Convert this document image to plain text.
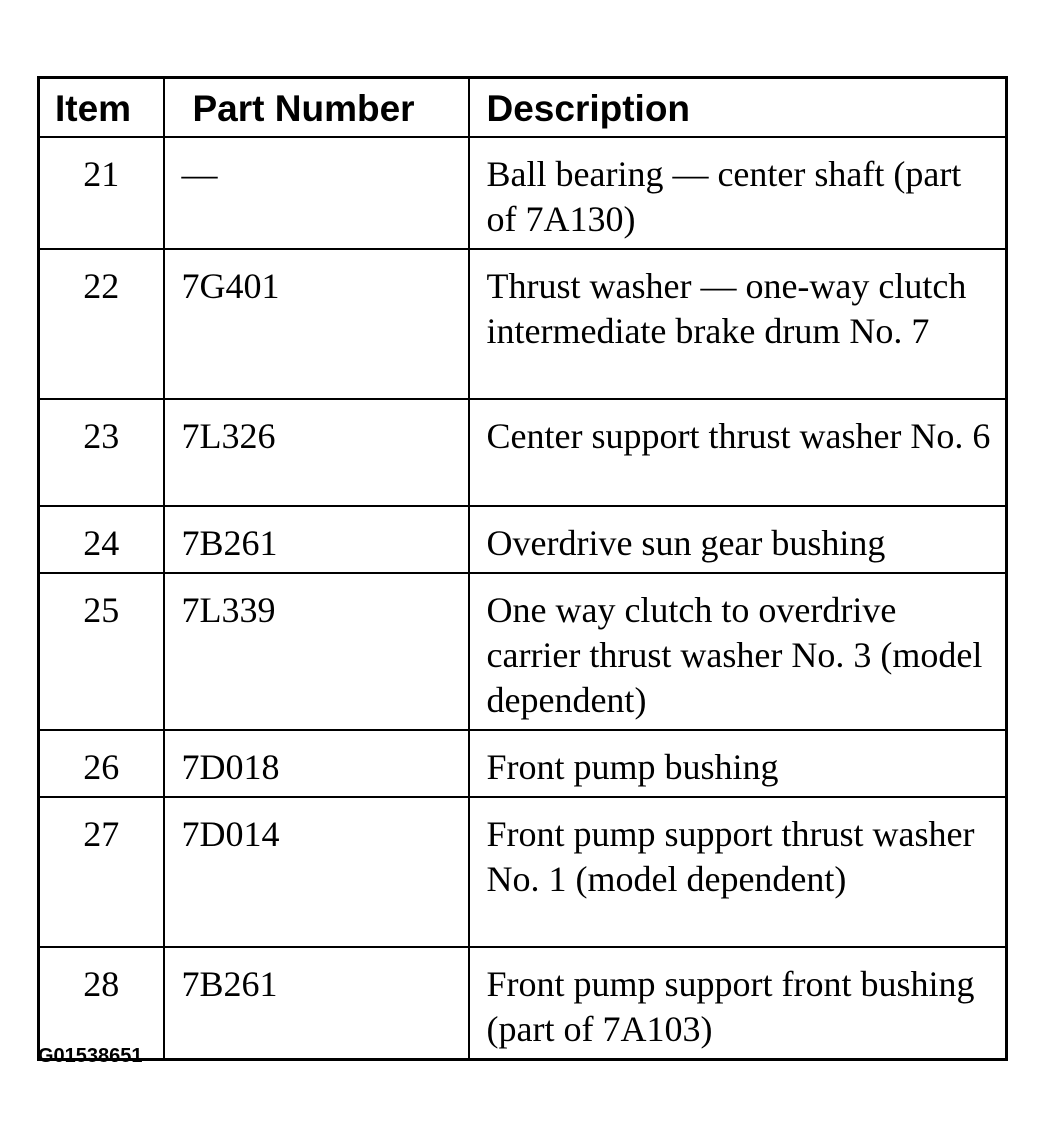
Item	Part Number	Description
21	—	Ball bearing — center shaft (part of 7A130)
22	7G401	Thrust washer — one-way clutch intermediate brake drum No. 7
23	7L326	Center support thrust washer No. 6
24	7B261	Overdrive sun gear bushing
25	7L339	One way clutch to overdrive carrier thrust washer No. 3 (model dependent)
26	7D018	Front pump bushing
27	7D014	Front pump support thrust washer No. 1 (model dependent)
28	7B261	Front pump support front bushing (part of 7A103)
G01538651
